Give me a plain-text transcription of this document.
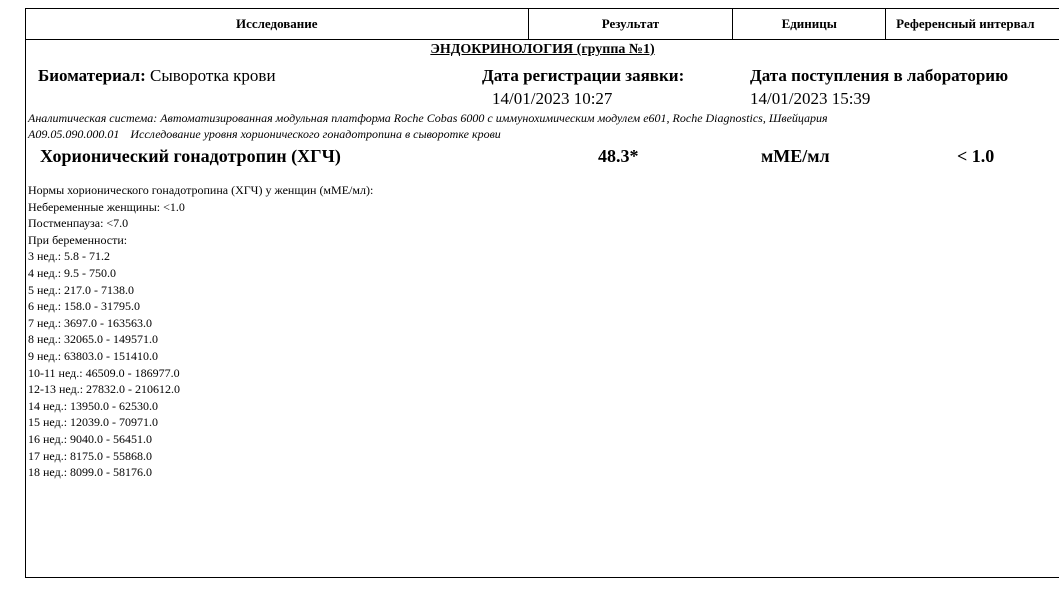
Исследование	Результат	Единицы	Референсный интервал
ЭНДОКРИНОЛОГИЯ (группа №1)
Биоматериал: Сыворотка крови	Дата регистрации заявки:
14/01/2023 10:27
Дата поступления в лабораторию
14/01/2023 15:39
Аналитическая система: Автоматизированная модульная платформа Roche Cobas 6000 с иммунохимическим модулем e601, Roche Diagnostics, Швейцария
A09.05.090.000.01 Исследование уровня хорионического гонадотропина в сыворотке крови
Хорионический гонадотропин (ХГЧ)	48.3*	мМЕ/мл	< 1.0
Нормы хорионического гонадотропина (ХГЧ) у женщин (мМЕ/мл):
Небеременные женщины: <1.0
Постменпауза: <7.0
При беременности:
3 нед.: 5.8 - 71.2
4 нед.: 9.5 - 750.0
5 нед.: 217.0 - 7138.0
6 нед.: 158.0 - 31795.0
7 нед.: 3697.0 - 163563.0
8 нед.: 32065.0 - 149571.0
9 нед.: 63803.0 - 151410.0
10-11 нед.: 46509.0 - 186977.0
12-13 нед.: 27832.0 - 210612.0
14 нед.: 13950.0 - 62530.0
15 нед.: 12039.0 - 70971.0
16 нед.: 9040.0 - 56451.0
17 нед.: 8175.0 - 55868.0
18 нед.: 8099.0 - 58176.0
